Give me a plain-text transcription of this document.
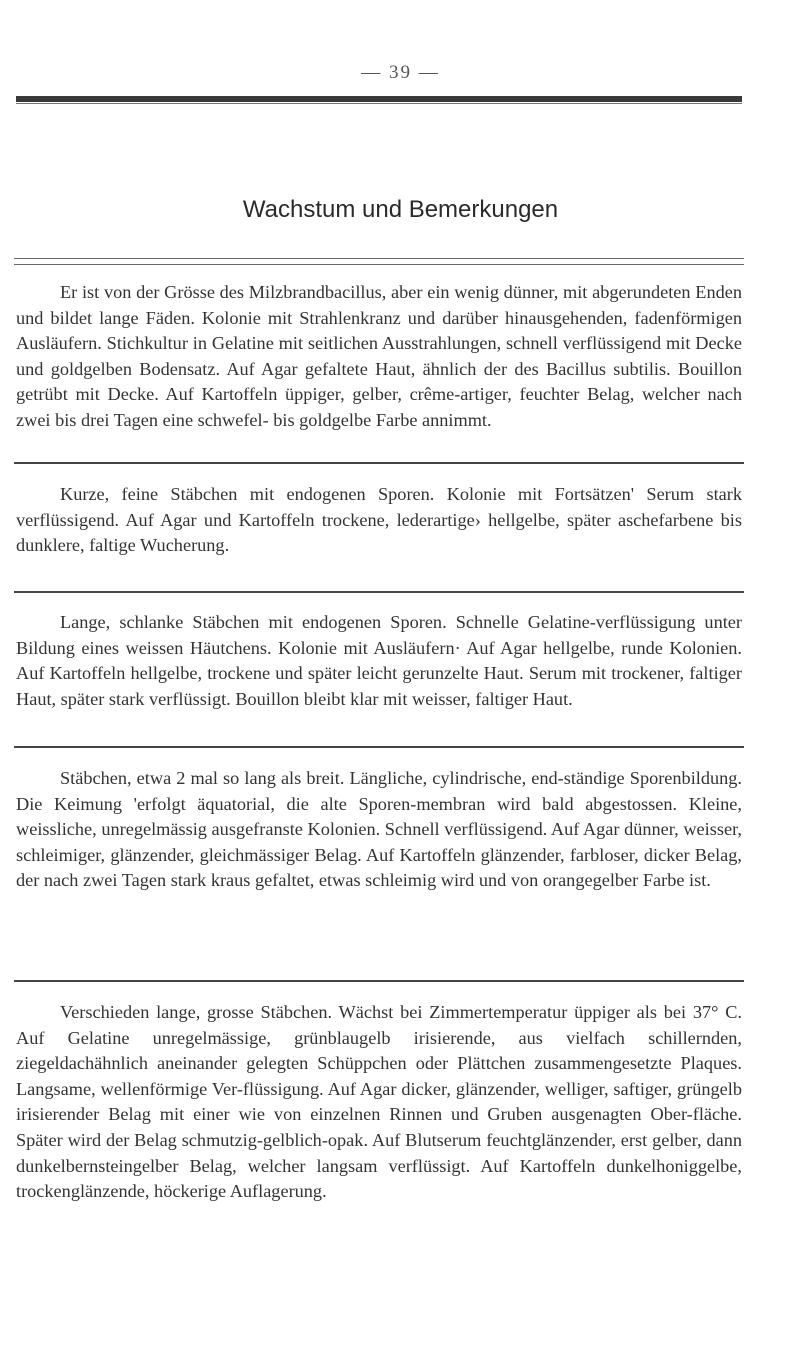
— 39 —
Wachstum und Bemerkungen

Er ist von der Grösse des Milzbrandbacillus, aber ein wenig dünner, mit abgerundeten Enden und bildet lange Fäden. Kolonie mit Strahlenkranz und darüber hinausgehenden, fadenförmigen Ausläufern. Stichkultur in Gelatine mit seitlichen Ausstrahlungen, schnell verflüssigend mit Decke und goldgelben Bodensatz. Auf Agar gefaltete Haut, ähnlich der des Bacillus subtilis. Bouillon getrübt mit Decke. Auf Kartoffeln üppiger, gelber, crême-artiger, feuchter Belag, welcher nach zwei bis drei Tagen eine schwefel- bis goldgelbe Farbe annimmt.

Kurze, feine Stäbchen mit endogenen Sporen. Kolonie mit Fortsätzen' Serum stark verflüssigend. Auf Agar und Kartoffeln trockene, lederartige› hellgelbe, später aschefarbene bis dunklere, faltige Wucherung.

Lange, schlanke Stäbchen mit endogenen Sporen. Schnelle Gelatine-verflüssigung unter Bildung eines weissen Häutchens. Kolonie mit Ausläufern· Auf Agar hellgelbe, runde Kolonien. Auf Kartoffeln hellgelbe, trockene und später leicht gerunzelte Haut. Serum mit trockener, faltiger Haut, später stark verflüssigt. Bouillon bleibt klar mit weisser, faltiger Haut.

Stäbchen, etwa 2 mal so lang als breit. Längliche, cylindrische, end-ständige Sporenbildung. Die Keimung 'erfolgt äquatorial, die alte Sporen-membran wird bald abgestossen. Kleine, weissliche, unregelmässig ausgefranste Kolonien. Schnell verflüssigend. Auf Agar dünner, weisser, schleimiger, glänzender, gleichmässiger Belag. Auf Kartoffeln glänzender, farbloser, dicker Belag, der nach zwei Tagen stark kraus gefaltet, etwas schleimig wird und von orangegelber Farbe ist.

Verschieden lange, grosse Stäbchen. Wächst bei Zimmertemperatur üppiger als bei 37° C. Auf Gelatine unregelmässige, grünblaugelb irisierende, aus vielfach schillernden, ziegeldachähnlich aneinander gelegten Schüppchen oder Plättchen zusammengesetzte Plaques. Langsame, wellenförmige Ver-flüssigung. Auf Agar dicker, glänzender, welliger, saftiger, grüngelb irisierender Belag mit einer wie von einzelnen Rinnen und Gruben ausgenagten Ober-fläche. Später wird der Belag schmutzig-gelblich-opak. Auf Blutserum feuchtglänzender, erst gelber, dann dunkelbernsteingelber Belag, welcher langsam verflüssigt. Auf Kartoffeln dunkelhoniggelbe, trockenglänzende, höckerige Auflagerung.
